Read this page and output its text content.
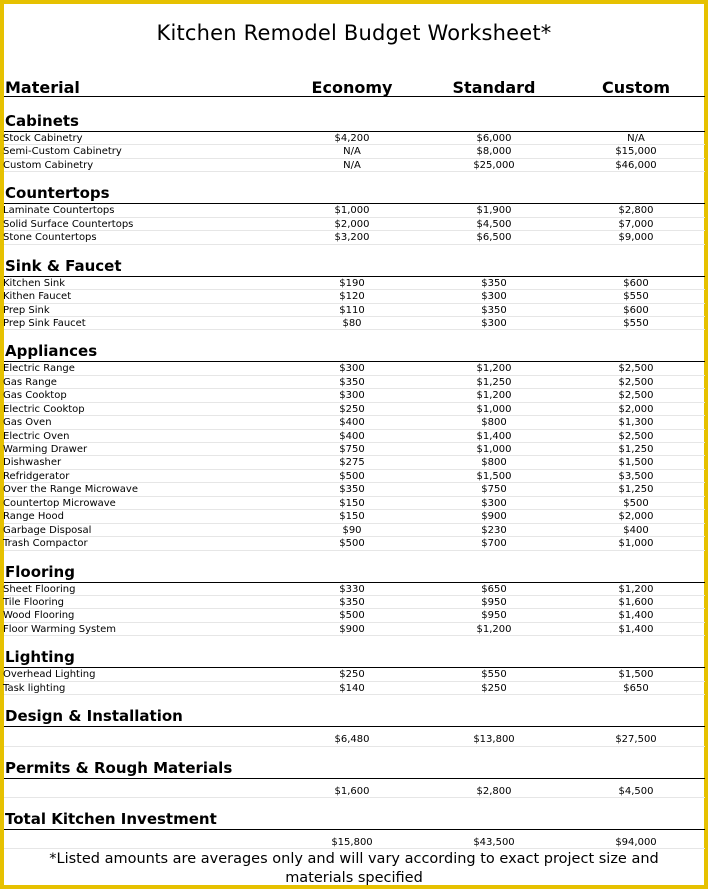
Kitchen Remodel Budget Worksheet*
Material	Economy	Standard	Custom
Cabinets
Stock Cabinetry	$4,200	$6,000	N/A
Semi-Custom Cabinetry	N/A	$8,000	$15,000
Custom Cabinetry	N/A	$25,000	$46,000
Countertops
Laminate Countertops	$1,000	$1,900	$2,800
Solid Surface Countertops	$2,000	$4,500	$7,000
Stone Countertops	$3,200	$6,500	$9,000
Sink & Faucet
Kitchen Sink	$190	$350	$600
Kithen Faucet	$120	$300	$550
Prep Sink	$110	$350	$600
Prep Sink Faucet	$80	$300	$550
Appliances
Electric Range	$300	$1,200	$2,500
Gas Range	$350	$1,250	$2,500
Gas Cooktop	$300	$1,200	$2,500
Electric Cooktop	$250	$1,000	$2,000
Gas Oven	$400	$800	$1,300
Electric Oven	$400	$1,400	$2,500
Warming Drawer	$750	$1,000	$1,250
Dishwasher	$275	$800	$1,500
Refridgerator	$500	$1,500	$3,500
Over the Range Microwave	$350	$750	$1,250
Countertop Microwave	$150	$300	$500
Range Hood	$150	$900	$2,000
Garbage Disposal	$90	$230	$400
Trash Compactor	$500	$700	$1,000
Flooring
Sheet Flooring	$330	$650	$1,200
Tile Flooring	$350	$950	$1,600
Wood Flooring	$500	$950	$1,400
Floor Warming System	$900	$1,200	$1,400
Lighting
Overhead Lighting	$250	$550	$1,500
Task lighting	$140	$250	$650
Design & Installation
$6,480	$13,800	$27,500
Permits & Rough Materials
$1,600	$2,800	$4,500
Total Kitchen Investment
$15,800	$43,500	$94,000
*Listed amounts are averages only and will vary according to exact project size and materials specified
